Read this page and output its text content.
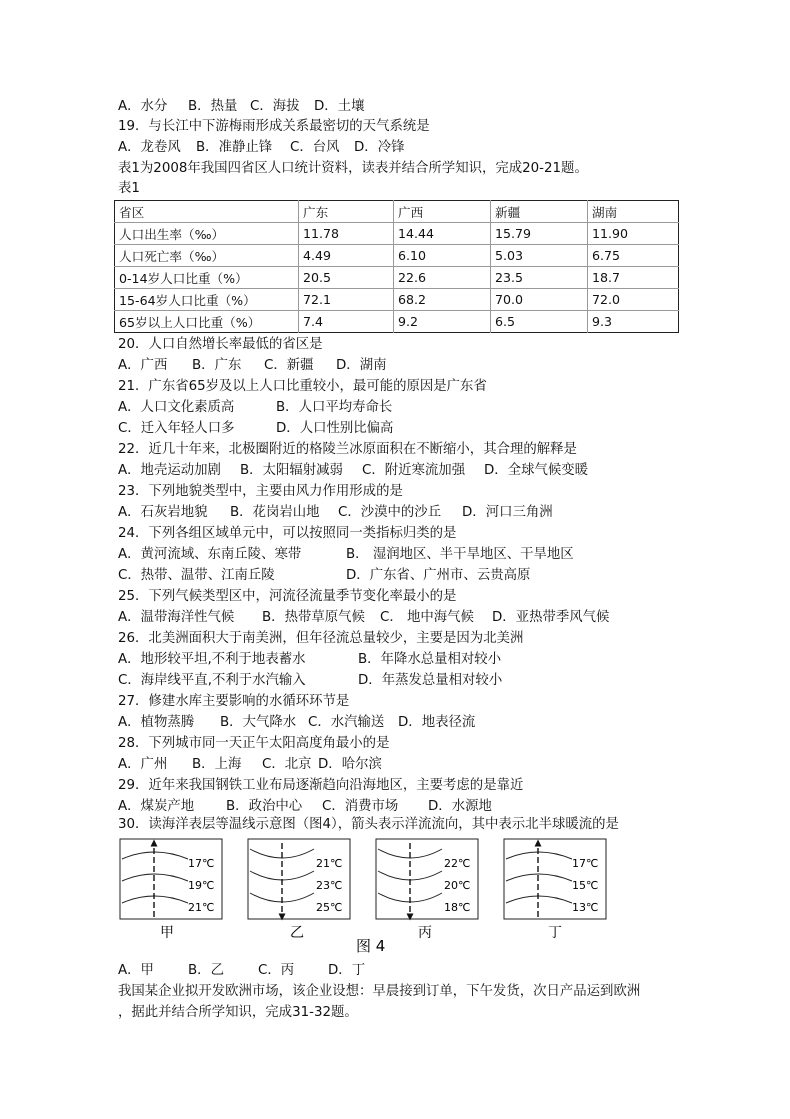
A．水分 B．热量 C．海拔 D．土壤
19．与长江中下游梅雨形成关系最密切的天气系统是
A．龙卷风 B．准静止锋 C．台风 D．冷锋
表1为2008年我国四省区人口统计资料，读表并结合所学知识，完成20-21题。
表1
省区	广东	广西	新疆	湖南
人口出生率（‰）	11.78	14.44	15.79	11.90
人口死亡率（‰）	4.49	6.10	5.03	6.75
0-14岁人口比重（%）	20.5	22.6	23.5	18.7
15-64岁人口比重（%）	72.1	68.2	70.0	72.0
65岁以上人口比重（%）	7.4	9.2	6.5	9.3
20．人口自然增长率最低的省区是
A．广西 B．广东 C．新疆 D．湖南
21．广东省65岁及以上人口比重较小，最可能的原因是广东省
A．人口文化素质高	B．人口平均寿命长
C．迁入年轻人口多	D．人口性别比偏高
22．近几十年来，北极圈附近的格陵兰冰原面积在不断缩小，其合理的解释是
A．地壳运动加剧 B．太阳辐射减弱 C．附近寒流加强 D．全球气候变暖
23．下列地貌类型中，主要由风力作用形成的是
A．石灰岩地貌 B．花岗岩山地 C．沙漠中的沙丘 D．河口三角洲
24．下列各组区域单元中，可以按照同一类指标归类的是
A．黄河流域、东南丘陵、寒带	B． 湿润地区、半干旱地区、干旱地区
C．热带、温带、江南丘陵	D．广东省、广州市、云贵高原
25．下列气候类型区中，河流径流量季节变化率最小的是
A．温带海洋性气候 B．热带草原气候 C． 地中海气候 D．亚热带季风气候
26．北美洲面积大于南美洲，但年径流总量较少，主要是因为北美洲
A．地形较平坦,不利于地表蓄水	B．年降水总量相对较小
C．海岸线平直,不利于水汽输入	D．年蒸发总量相对较小
27．修建水库主要影响的水循环环节是
A．植物蒸腾 B．大气降水 C．水汽输送 D．地表径流
28．下列城市同一天正午太阳高度角最小的是
A．广州 B．上海 C．北京 D．哈尔滨
29．近年来我国钢铁工业布局逐渐趋向沿海地区，主要考虑的是靠近
A．煤炭产地 B．政治中心 C．消费市场 D．水源地
30．读海洋表层等温线示意图（图4），箭头表示洋流流向，其中表示北半球暖流的是
17℃
19℃
21℃
甲
21℃
23℃
25℃
乙
22℃
20℃
18℃
丙
17℃
15℃
13℃
丁
图 4
A．甲	B．乙	C．丙	D．丁
我国某企业拟开发欧洲市场，该企业设想：早晨接到订单，下午发货，次日产品运到欧洲
，据此并结合所学知识，完成31-32题。
